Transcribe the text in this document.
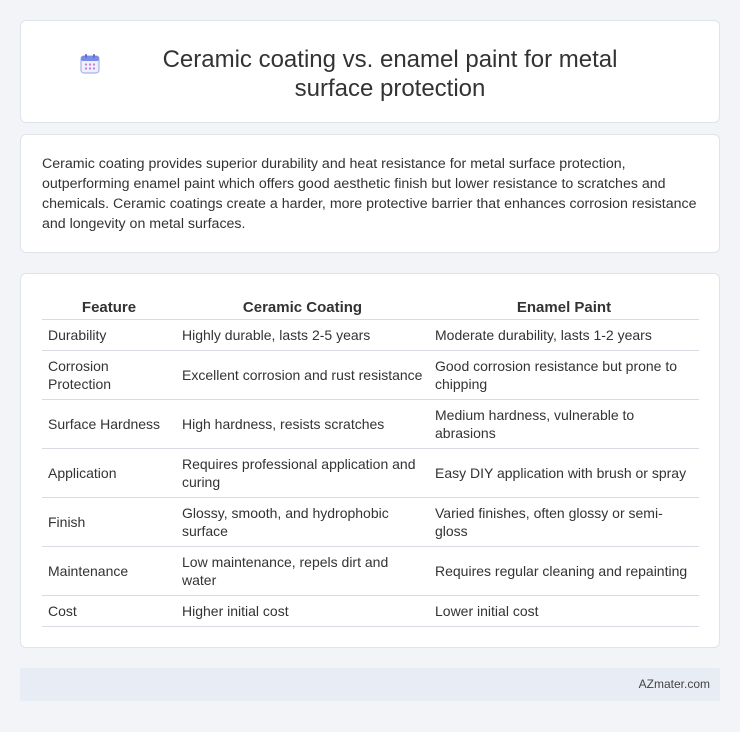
Ceramic coating vs. enamel paint for metal surface protection

Ceramic coating provides superior durability and heat resistance for metal surface protection, outperforming enamel paint which offers good aesthetic finish but lower resistance to scratches and chemicals. Ceramic coatings create a harder, more protective barrier that enhances corrosion resistance and longevity on metal surfaces.

Feature	Ceramic Coating	Enamel Paint
Durability	Highly durable, lasts 2-5 years	Moderate durability, lasts 1-2 years
Corrosion Protection	Excellent corrosion and rust resistance	Good corrosion resistance but prone to chipping
Surface Hardness	High hardness, resists scratches	Medium hardness, vulnerable to abrasions
Application	Requires professional application and curing	Easy DIY application with brush or spray
Finish	Glossy, smooth, and hydrophobic surface	Varied finishes, often glossy or semi-gloss
Maintenance	Low maintenance, repels dirt and water	Requires regular cleaning and repainting
Cost	Higher initial cost	Lower initial cost
AZmater.com
